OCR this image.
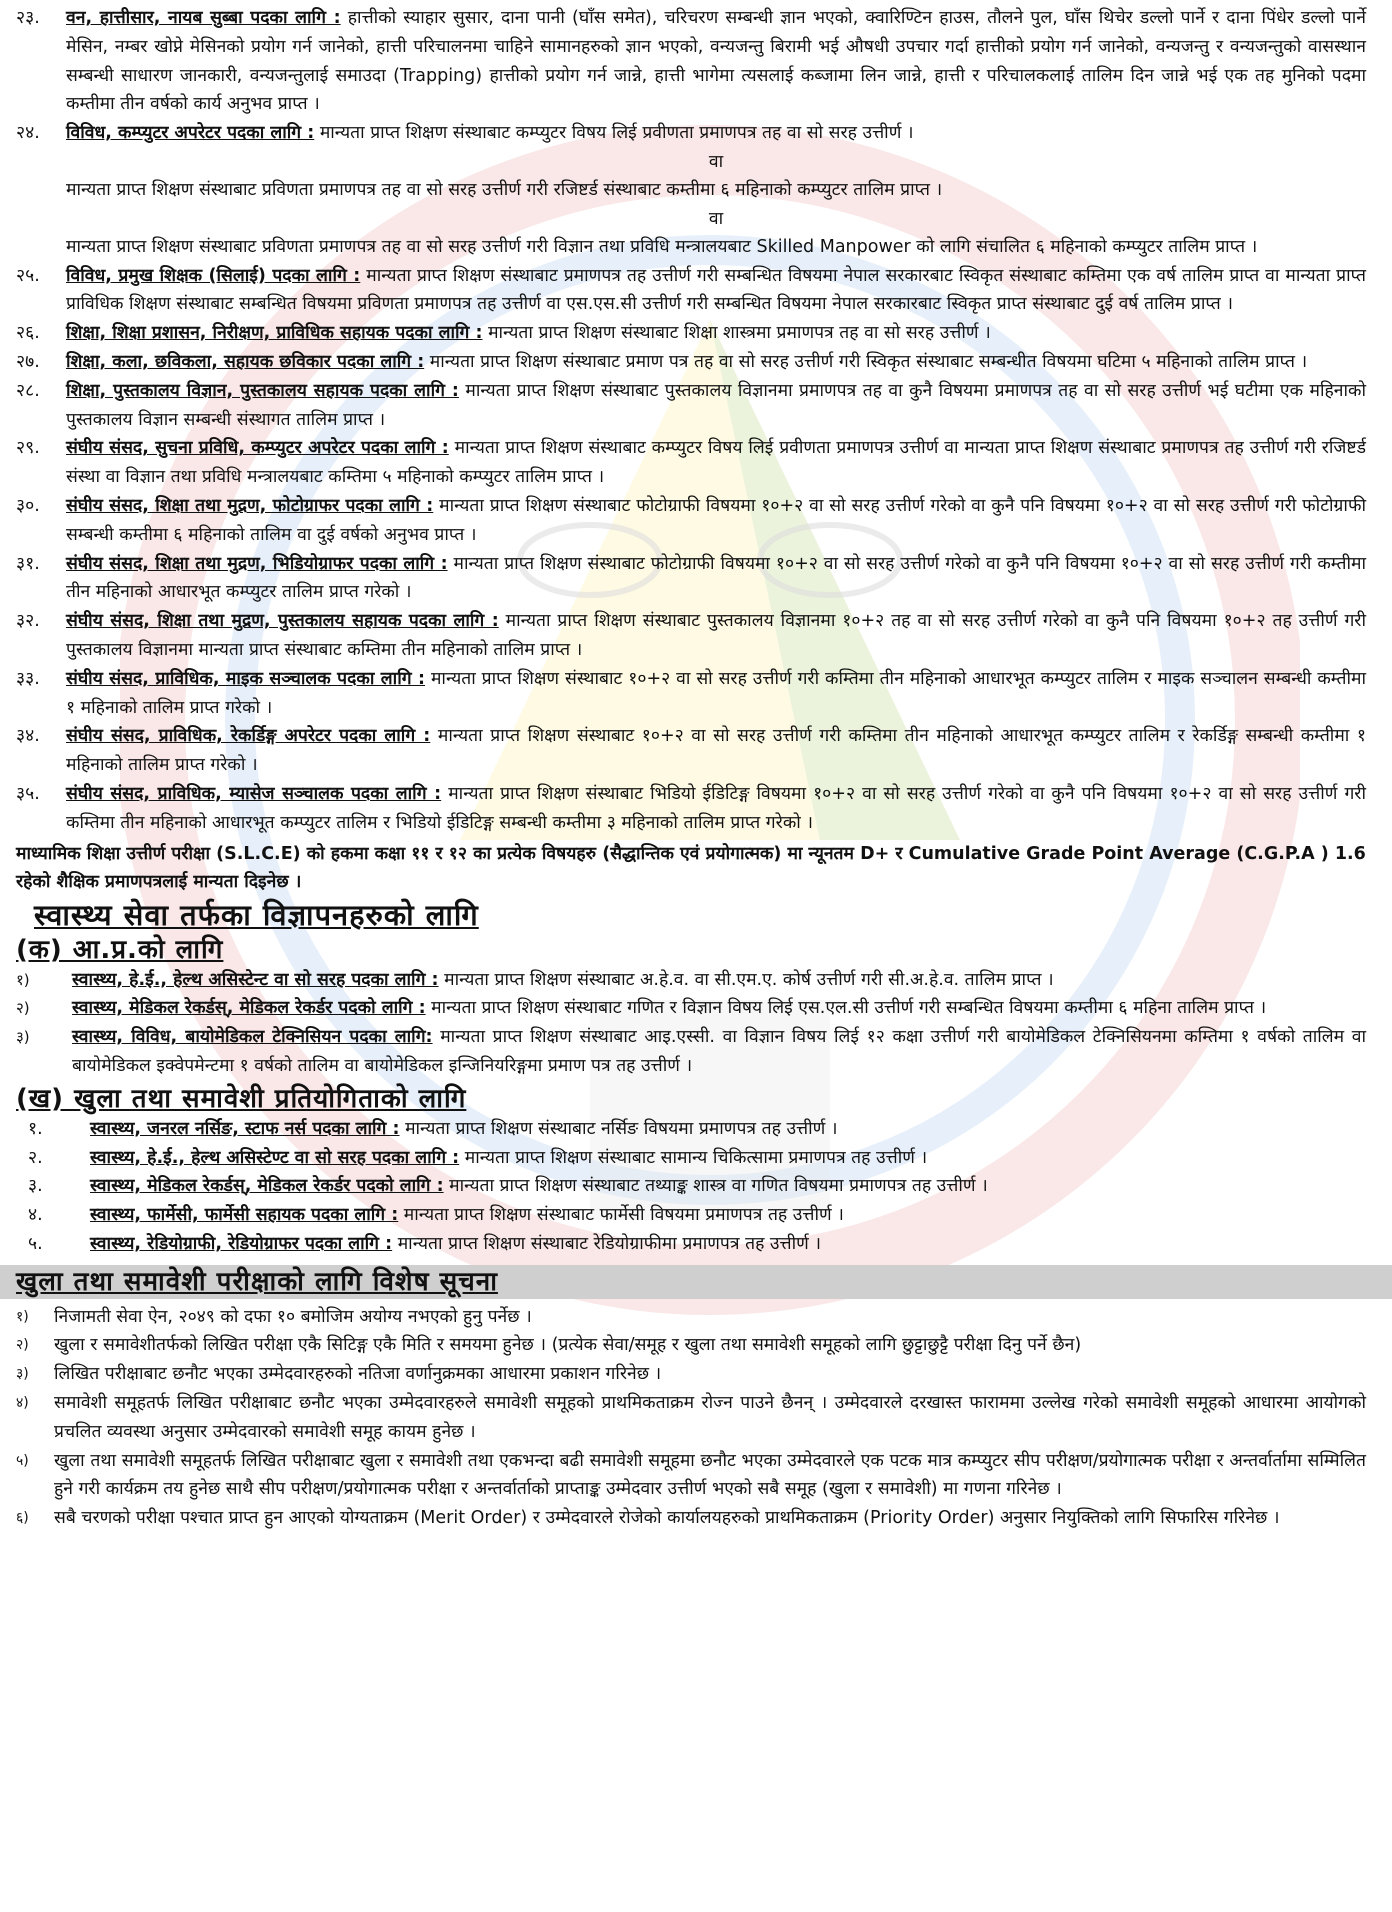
२३.	वन, हात्तीसार, नायब सुब्बा पदका लागि : हात्तीको स्याहार सुसार, दाना पानी (घाँस समेत), चरिचरण सम्बन्धी ज्ञान भएको, क्वारिण्टिन हाउस, तौलने पुल, घाँस थिचेर डल्लो पार्ने र दाना पिंधेर डल्लो पार्ने मेसिन, नम्बर खोप्ने मेसिनको प्रयोग गर्न जानेको, हात्ती परिचालनमा चाहिने सामानहरुको ज्ञान भएको, वन्यजन्तु बिरामी भई औषधी उपचार गर्दा हात्तीको प्रयोग गर्न जानेको, वन्यजन्तु र वन्यजन्तुको वासस्थान सम्बन्धी साधारण जानकारी, वन्यजन्तुलाई समाउदा (Trapping) हात्तीको प्रयोग गर्न जान्ने, हात्ती भागेमा त्यसलाई कब्जामा लिन जान्ने, हात्ती र परिचालकलाई तालिम दिन जान्ने भई एक तह मुनिको पदमा कम्तीमा तीन वर्षको कार्य अनुभव प्राप्त ।
२४.	विविध, कम्प्युटर अपरेटर पदका लागि : मान्यता प्राप्त शिक्षण संस्थाबाट कम्प्युटर विषय लिई प्रवीणता प्रमाणपत्र तह वा सो सरह उत्तीर्ण ।
वा
मान्यता प्राप्त शिक्षण संस्थाबाट प्रविणता प्रमाणपत्र तह वा सो सरह उत्तीर्ण गरी रजिष्टर्ड संस्थाबाट कम्तीमा ६ महिनाको कम्प्युटर तालिम प्राप्त ।
वा
मान्यता प्राप्त शिक्षण संस्थाबाट प्रविणता प्रमाणपत्र तह वा सो सरह उत्तीर्ण गरी विज्ञान तथा प्रविधि मन्त्रालयबाट Skilled Manpower को लागि संचालित ६ महिनाको कम्प्युटर तालिम प्राप्त ।
२५.	विविध, प्रमुख शिक्षक (सिलाई) पदका लागि : मान्यता प्राप्त शिक्षण संस्थाबाट प्रमाणपत्र तह उत्तीर्ण गरी सम्बन्धित विषयमा नेपाल सरकारबाट स्विकृत संस्थाबाट कम्तिमा एक वर्ष तालिम प्राप्त वा मान्यता प्राप्त प्राविधिक शिक्षण संस्थाबाट सम्बन्धित विषयमा प्रविणता प्रमाणपत्र तह उत्तीर्ण वा एस.एस.सी उत्तीर्ण गरी सम्बन्धित विषयमा नेपाल सरकारबाट स्विकृत प्राप्त संस्थाबाट दुई वर्ष तालिम प्राप्त ।
२६.	शिक्षा, शिक्षा प्रशासन, निरीक्षण, प्राविधिक सहायक पदका लागि : मान्यता प्राप्त शिक्षण संस्थाबाट शिक्षा शास्त्रमा प्रमाणपत्र तह वा सो सरह उत्तीर्ण ।
२७.	शिक्षा, कला, छविकला, सहायक छविकार पदका लागि : मान्यता प्राप्त शिक्षण संस्थाबाट प्रमाण पत्र तह वा सो सरह उत्तीर्ण गरी स्विकृत संस्थाबाट सम्बन्धीत विषयमा घटिमा ५ महिनाको तालिम प्राप्त ।
२८.	शिक्षा, पुस्तकालय विज्ञान, पुस्तकालय सहायक पदका लागि : मान्यता प्राप्त शिक्षण संस्थाबाट पुस्तकालय विज्ञानमा प्रमाणपत्र तह वा कुनै विषयमा प्रमाणपत्र तह वा सो सरह उत्तीर्ण भई घटीमा एक महिनाको पुस्तकालय विज्ञान सम्बन्धी संस्थागत तालिम प्राप्त ।
२९.	संघीय संसद, सुचना प्रविधि, कम्प्युटर अपरेटर पदका लागि : मान्यता प्राप्त शिक्षण संस्थाबाट कम्प्युटर विषय लिई प्रवीणता प्रमाणपत्र उत्तीर्ण वा मान्यता प्राप्त शिक्षण संस्थाबाट प्रमाणपत्र तह उत्तीर्ण गरी रजिष्टर्ड संस्था वा विज्ञान तथा प्रविधि मन्त्रालयबाट कम्तिमा ५ महिनाको कम्प्युटर तालिम प्राप्त ।
३०.	संघीय संसद, शिक्षा तथा मुद्रण, फोटोग्राफर पदका लागि : मान्यता प्राप्त शिक्षण संस्थाबाट फोटोग्राफी विषयमा १०+२ वा सो सरह उत्तीर्ण गरेको वा कुनै पनि विषयमा १०+२ वा सो सरह उत्तीर्ण गरी फोटोग्राफी सम्बन्धी कम्तीमा ६ महिनाको तालिम वा दुई वर्षको अनुभव प्राप्त ।
३१.	संघीय संसद, शिक्षा तथा मुद्रण, भिडियोग्राफर पदका लागि : मान्यता प्राप्त शिक्षण संस्थाबाट फोटोग्राफी विषयमा १०+२ वा सो सरह उत्तीर्ण गरेको वा कुनै पनि विषयमा १०+२ वा सो सरह उत्तीर्ण गरी कम्तीमा तीन महिनाको आधारभूत कम्प्युटर तालिम प्राप्त गरेको ।
३२.	संघीय संसद, शिक्षा तथा मुद्रण, पुस्तकालय सहायक पदका लागि : मान्यता प्राप्त शिक्षण संस्थाबाट पुस्तकालय विज्ञानमा १०+२ तह वा सो सरह उत्तीर्ण गरेको वा कुनै पनि विषयमा १०+२ तह उत्तीर्ण गरी पुस्तकालय विज्ञानमा मान्यता प्राप्त संस्थाबाट कम्तिमा तीन महिनाको तालिम प्राप्त ।
३३.	संघीय संसद, प्राविधिक, माइक सञ्चालक पदका लागि : मान्यता प्राप्त शिक्षण संस्थाबाट १०+२ वा सो सरह उत्तीर्ण गरी कम्तिमा तीन महिनाको आधारभूत कम्प्युटर तालिम र माइक सञ्चालन सम्बन्धी कम्तीमा १ महिनाको तालिम प्राप्त गरेको ।
३४.	संघीय संसद, प्राविधिक, रेकर्डिङ्ग अपरेटर पदका लागि : मान्यता प्राप्त शिक्षण संस्थाबाट १०+२ वा सो सरह उत्तीर्ण गरी कम्तिमा तीन महिनाको आधारभूत कम्प्युटर तालिम र रेकर्डिङ्ग सम्बन्धी कम्तीमा १ महिनाको तालिम प्राप्त गरेको ।
३५.	संघीय संसद, प्राविधिक, म्यासेज सञ्चालक पदका लागि : मान्यता प्राप्त शिक्षण संस्थाबाट भिडियो ईडिटिङ्ग विषयमा १०+२ वा सो सरह उत्तीर्ण गरेको वा कुनै पनि विषयमा १०+२ वा सो सरह उत्तीर्ण गरी कम्तिमा तीन महिनाको आधारभूत कम्प्युटर तालिम र भिडियो ईडिटिङ्ग सम्बन्धी कम्तीमा ३ महिनाको तालिम प्राप्त गरेको ।
माध्यामिक शिक्षा उत्तीर्ण परीक्षा (S.L.C.E) को हकमा कक्षा ११ र १२ का प्रत्येक विषयहरु (सैद्धान्तिक एवं प्रयोगात्मक) मा न्यूनतम D+ र Cumulative Grade Point Average (C.G.P.A ) 1.6 रहेको शैक्षिक प्रमाणपत्रलाई मान्यता दिइनेछ ।
स्वास्थ्य सेवा तर्फका विज्ञापनहरुको लागि
(क) आ.प्र.को लागि
१)	स्वास्थ्य, हे.ई., हेल्थ असिस्टेन्ट वा सो सरह पदका लागि : मान्यता प्राप्त शिक्षण संस्थाबाट अ.हे.व. वा सी.एम.ए. कोर्ष उत्तीर्ण गरी सी.अ.हे.व. तालिम प्राप्त ।
२)	स्वास्थ्य, मेडिकल रेकर्डस्, मेडिकल रेकर्डर पदको लागि : मान्यता प्राप्त शिक्षण संस्थाबाट गणित र विज्ञान विषय लिई एस.एल.सी उत्तीर्ण गरी सम्बन्धित विषयमा कम्तीमा ६ महिना तालिम प्राप्त ।
३)	स्वास्थ्य, विविध, बायोमेडिकल टेक्निसियन पदका लागि: मान्यता प्राप्त शिक्षण संस्थाबाट आइ.एस्सी. वा विज्ञान विषय लिई १२ कक्षा उत्तीर्ण गरी बायोमेडिकल टेक्निसियनमा कम्तिमा १ वर्षको तालिम वा बायोमेडिकल इक्वेपमेन्टमा १ वर्षको तालिम वा बायोमेडिकल इन्जिनियरिङ्गमा प्रमाण पत्र तह उत्तीर्ण ।
(ख) खुला तथा समावेशी प्रतियोगिताको लागि
१.	स्वास्थ्य, जनरल नर्सिङ, स्टाफ नर्स पदका लागि : मान्यता प्राप्त शिक्षण संस्थाबाट नर्सिङ विषयमा प्रमाणपत्र तह उत्तीर्ण ।
२.	स्वास्थ्य, हे.ई., हेल्थ असिस्टेण्ट वा सो सरह पदका लागि : मान्यता प्राप्त शिक्षण संस्थाबाट सामान्य चिकित्सामा प्रमाणपत्र तह उत्तीर्ण ।
३.	स्वास्थ्य, मेडिकल रेकर्डस्, मेडिकल रेकर्डर पदको लागि : मान्यता प्राप्त शिक्षण संस्थाबाट तथ्याङ्क शास्त्र वा गणित विषयमा प्रमाणपत्र तह उत्तीर्ण ।
४.	स्वास्थ्य, फार्मेसी, फार्मेसी सहायक पदका लागि : मान्यता प्राप्त शिक्षण संस्थाबाट फार्मेसी विषयमा प्रमाणपत्र तह उत्तीर्ण ।
५.	स्वास्थ्य, रेडियोग्राफी, रेडियोग्राफर पदका लागि : मान्यता प्राप्त शिक्षण संस्थाबाट रेडियोग्राफीमा प्रमाणपत्र तह उत्तीर्ण ।
खुला तथा समावेशी परीक्षाको लागि विशेष सूचना
१)	निजामती सेवा ऐन, २०४९ को दफा १० बमोजिम अयोग्य नभएको हुनु पर्नेछ ।
२)	खुला र समावेशीतर्फको लिखित परीक्षा एकै सिटिङ्ग एकै मिति र समयमा हुनेछ । (प्रत्येक सेवा/समूह र खुला तथा समावेशी समूहको लागि छुट्टाछुट्टै परीक्षा दिनु पर्ने छैन)
३)	लिखित परीक्षाबाट छनौट भएका उम्मेदवारहरुको नतिजा वर्णानुक्रमका आधारमा प्रकाशन गरिनेछ ।
४)	समावेशी समूहतर्फ लिखित परीक्षाबाट छनौट भएका उम्मेदवारहरुले समावेशी समूहको प्राथमिकताक्रम रोज्न पाउने छैनन् । उम्मेदवारले दरखास्त फाराममा उल्लेख गरेको समावेशी समूहको आधारमा आयोगको प्रचलित व्यवस्था अनुसार उम्मेदवारको समावेशी समूह कायम हुनेछ ।
५)	खुला तथा समावेशी समूहतर्फ लिखित परीक्षाबाट खुला र समावेशी तथा एकभन्दा बढी समावेशी समूहमा छनौट भएका उम्मेदवारले एक पटक मात्र कम्प्युटर सीप परीक्षण/प्रयोगात्मक परीक्षा र अन्तर्वार्तामा सम्मिलित हुने गरी कार्यक्रम तय हुनेछ साथै सीप परीक्षण/प्रयोगात्मक परीक्षा र अन्तर्वार्ताको प्राप्ताङ्क उम्मेदवार उत्तीर्ण भएको सबै समूह (खुला र समावेशी) मा गणना गरिनेछ ।
६)	सबै चरणको परीक्षा पश्चात प्राप्त हुन आएको योग्यताक्रम (Merit Order) र उम्मेदवारले रोजेको कार्यालयहरुको प्राथमिकताक्रम (Priority Order) अनुसार नियुक्तिको लागि सिफारिस गरिनेछ ।
